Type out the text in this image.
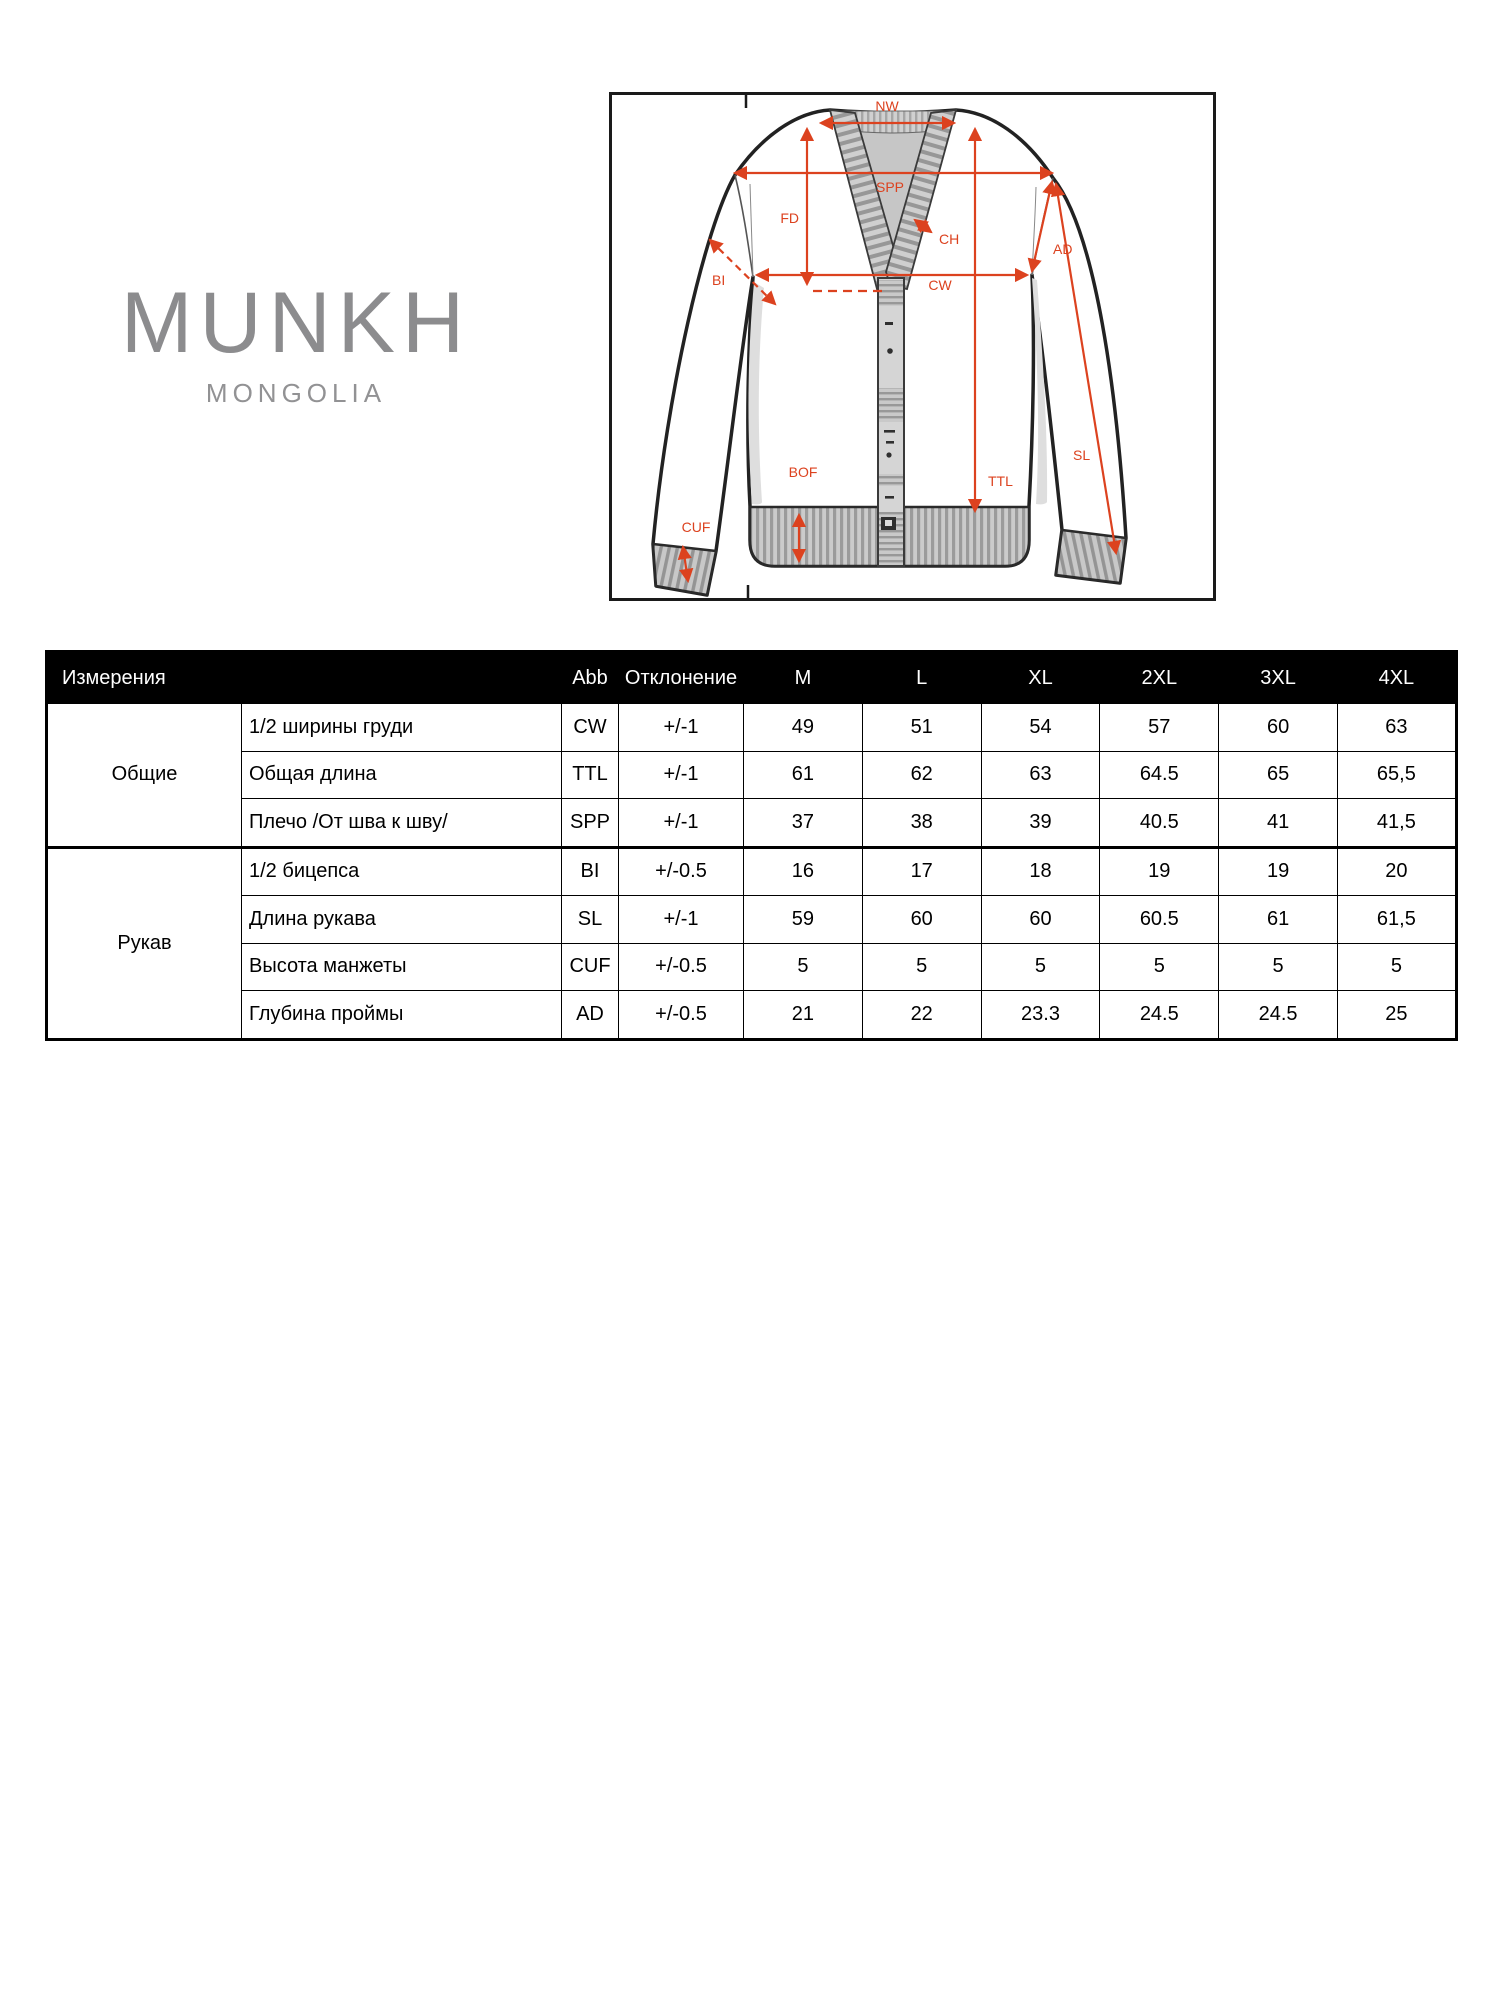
MUNKH
MONGOLIA
NW
SPP
FD
CH
CW
BI
AD
SL
TTL
BOF
CUF
Измерения		Abb	Отклонение	M	L	XL	2XL	3XL	4XL
Общие	1/2 ширины груди	CW	+/-1	49	51	54	57	60	63
	Общая длина	TTL	+/-1	61	62	63	64.5	65	65,5
	Плечо /От шва к шву/	SPP	+/-1	37	38	39	40.5	41	41,5
Рукав	1/2 бицепса	BI	+/-0.5	16	17	18	19	19	20
	Длина рукава	SL	+/-1	59	60	60	60.5	61	61,5
	Высота манжеты	CUF	+/-0.5	5	5	5	5	5	5
	Глубина проймы	AD	+/-0.5	21	22	23.3	24.5	24.5	25
